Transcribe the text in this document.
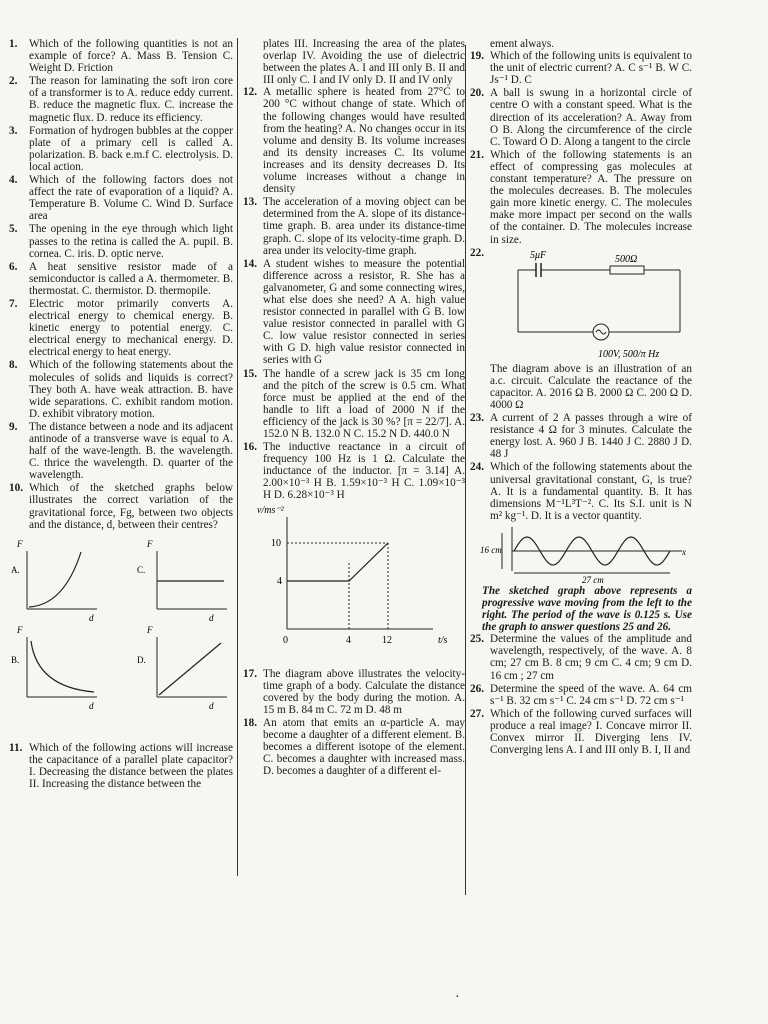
1.	Which of the following quantities is not an example of force? A. Mass B. Tension C. Weight D. Friction
2.	The reason for laminating the soft iron core of a transformer is to A. reduce eddy current. B. reduce the magnetic flux. C. increase the magnetic flux. D. reduce its efficiency.
3.	Formation of hydrogen bubbles at the copper plate of a primary cell is called A. polarization. B. back e.m.f C. electrolysis. D. local action.
4.	Which of the following factors does not affect the rate of evaporation of a liquid? A. Temperature B. Volume C. Wind D. Surface area
5.	The opening in the eye through which light passes to the retina is called the A. pupil. B. cornea. C. iris. D. optic nerve.
6.	A heat sensitive resistor made of a semiconductor is called a A. thermometer. B. thermostat. C. thermistor. D. thermopile.
7.	Electric motor primarily converts A. electrical energy to chemical energy. B. kinetic energy to potential energy. C. electrical energy to mechanical energy. D. electrical energy to heat energy.
8.	Which of the following statements about the molecules of solids and liquids is correct? They both A. have weak attraction. B. have wide separations. C. exhibit random motion. D. exhibit vibratory motion.
9.	The distance between a node and its adjacent antinode of a transverse wave is equal to A. half of the wave-length. B. the wavelength. C. thrice the wavelength. D. quarter of the wavelength.
10. Which of the sketched graphs below illustrates the correct variation of the gravitational force, Fg, between two objects and the distance, d, between their centres?
F
A.
d
F
C.
d
F
B.
d
F
D.
d
11. Which of the following actions will increase the capacitance of a parallel plate capacitor? I. Decreasing the distance between the plates II. Increasing the distance between the
plates III. Increasing the area of the plates overlap IV. Avoiding the use of dielectric between the plates A. I and III only B. II and III only C. I and IV only D. II and IV only
12. A metallic sphere is heated from 27°C to 200 °C without change of state. Which of the following changes would have resulted from the heating? A. No changes occur in its volume and density B. Its volume increases and its density increases C. Its volume increases and its density decreases D. Its volume increases without a change in density
13. The acceleration of a moving object can be determined from the A. slope of its distance-time graph. B. area under its distance-time graph. C. slope of its velocity-time graph. D. area under its velocity-time graph.
14. A student wishes to measure the potential difference across a resistor, R. She has a galvanometer, G and some connecting wires, what else does she need? A A. high value resistor connected in parallel with G B. low value resistor connected in parallel with G C. low value resistor connected in series with G D. high value resistor connected in series with G
15. The handle of a screw jack is 35 cm long and the pitch of the screw is 0.5 cm. What force must be applied at the end of the handle to lift a load of 2000 N if the efficiency of the jack is 30 %? [π = 22/7]. A. 152.0 N B. 132.0 N C. 15.2 N D. 440.0 N
16. The inductive reactance in a circuit of frequency 100 Hz is 1 Ω. Calculate the inductance of the inductor. [π = 3.14] A. 2.00×10⁻³ H B. 1.59×10⁻³ H C. 1.09×10⁻³ H D. 6.28×10⁻³ H
v/ms⁻²
10
4
0	4	12	t/s
17. The diagram above illustrates the velocity-time graph of a body. Calculate the distance covered by the body during the motion. A. 15 m B. 84 m C. 72 m D. 48 m
18. An atom that emits an α-particle A. may become a daughter of a different element. B. becomes a different isotope of the element. C. becomes a daughter with increased mass. D. becomes a daughter of a different el-
ement always.
19. Which of the following units is equivalent to the unit of electric current? A. C s⁻¹ B. W C. Js⁻¹ D. C
20. A ball is swung in a horizontal circle of centre O with a constant speed. What is the direction of its acceleration? A. Away from O B. Along the circumference of the circle C. Toward O D. Along a tangent to the circle
21. Which of the following statements is an effect of compressing gas molecules at constant temperature? A. The pressure on the molecules decreases. B. The molecules gain more kinetic energy. C. The molecules make more impact per second on the walls of the container. D. The molecules increase in size.
22.	5μF	500Ω
100V, 500/π Hz
The diagram above is an illustration of an a.c. circuit. Calculate the reactance of the capacitor. A. 2016 Ω B. 2000 Ω C. 200 Ω D. 4000 Ω
23. A current of 2 A passes through a wire of resistance 4 Ω for 3 minutes. Calculate the energy lost. A. 960 J B. 1440 J C. 2880 J D. 48 J
24. Which of the following statements about the universal gravitational constant, G, is true? A. It is a fundamental quantity. B. It has dimensions M⁻¹L³T⁻². C. Its S.I. unit is N m² kg⁻¹. D. It is a vector quantity.
16 cm
27 cm
x
The sketched graph above represents a progressive wave moving from the left to the right. The period of the wave is 0.125 s. Use the graph to answer questions 25 and 26.
25. Determine the values of the amplitude and wavelength, respectively, of the wave. A. 8 cm; 27 cm B. 8 cm; 9 cm C. 4 cm; 9 cm D. 16 cm ; 27 cm
26. Determine the speed of the wave. A. 64 cm s⁻¹ B. 32 cm s⁻¹ C. 24 cm s⁻¹ D. 72 cm s⁻¹
27. Which of the following curved surfaces will produce a real image? I. Concave mirror II. Convex mirror II. Diverging lens IV. Converging lens A. I and III only B. I, II and
·
